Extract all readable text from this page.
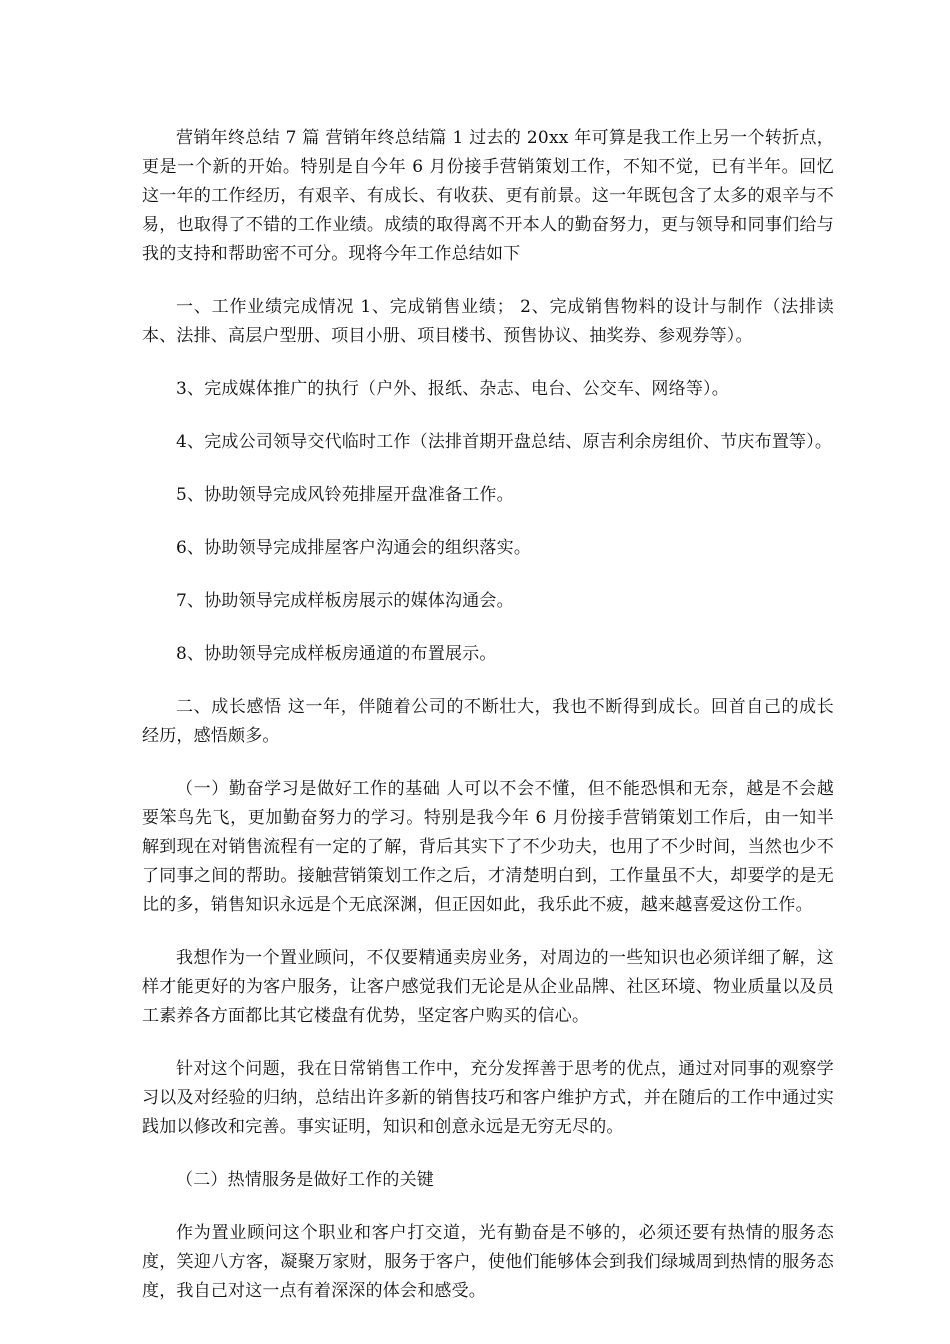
营销年终总结 7 篇 营销年终总结篇 1 过去的 20xx 年可算是我工作上另一个转折点，更是一个新的开始。特别是自今年 6 月份接手营销策划工作，不知不觉，已有半年。回忆这一年的工作经历，有艰辛、有成长、有收获、更有前景。这一年既包含了太多的艰辛与不易，也取得了不错的工作业绩。成绩的取得离不开本人的勤奋努力，更与领导和同事们给与我的支持和帮助密不可分。现将今年工作总结如下

一、工作业绩完成情况 1、完成销售业绩； 2、完成销售物料的设计与制作（法排读本、法排、高层户型册、项目小册、项目楼书、预售协议、抽奖券、参观券等）。

3、完成媒体推广的执行（户外、报纸、杂志、电台、公交车、网络等）。

4、完成公司领导交代临时工作（法排首期开盘总结、原吉利余房组价、节庆布置等）。

5、协助领导完成风铃苑排屋开盘准备工作。

6、协助领导完成排屋客户沟通会的组织落实。

7、协助领导完成样板房展示的媒体沟通会。

8、协助领导完成样板房通道的布置展示。

二、成长感悟 这一年，伴随着公司的不断壮大，我也不断得到成长。回首自己的成长经历，感悟颇多。

（一）勤奋学习是做好工作的基础 人可以不会不懂，但不能恐惧和无奈，越是不会越要笨鸟先飞，更加勤奋努力的学习。特别是我今年 6 月份接手营销策划工作后，由一知半解到现在对销售流程有一定的了解，背后其实下了不少功夫，也用了不少时间，当然也少不了同事之间的帮助。接触营销策划工作之后，才清楚明白到，工作量虽不大，却要学的是无比的多，销售知识永远是个无底深渊，但正因如此，我乐此不疲，越来越喜爱这份工作。

我想作为一个置业顾问，不仅要精通卖房业务，对周边的一些知识也必须详细了解，这样才能更好的为客户服务，让客户感觉我们无论是从企业品牌、社区环境、物业质量以及员工素养各方面都比其它楼盘有优势，坚定客户购买的信心。

针对这个问题，我在日常销售工作中，充分发挥善于思考的优点，通过对同事的观察学习以及对经验的归纳，总结出许多新的销售技巧和客户维护方式，并在随后的工作中通过实践加以修改和完善。事实证明，知识和创意永远是无穷无尽的。

（二）热情服务是做好工作的关键

作为置业顾问这个职业和客户打交道，光有勤奋是不够的，必须还要有热情的服务态度，笑迎八方客，凝聚万家财，服务于客户，使他们能够体会到我们绿城周到热情的服务态度，我自己对这一点有着深深的体会和感受。
